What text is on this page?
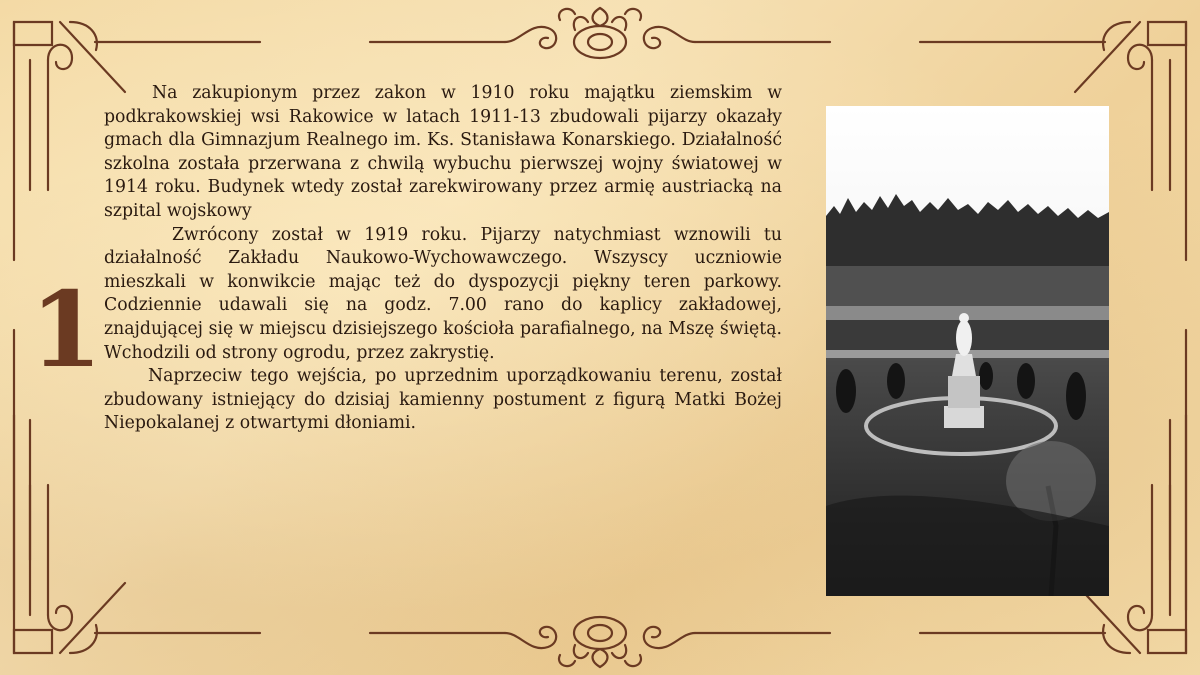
1

Na zakupionym przez zakon w 1910 roku majątku ziemskim w podkrakowskiej wsi Rakowice w latach 1911-13 zbudowali pijarzy okazały gmach dla Gimnazjum Realnego im. Ks. Stanisława Konarskiego. Działalność szkolna została przerwana z chwilą wybuchu pierwszej wojny światowej w 1914 roku. Budynek wtedy został zarekwirowany przez armię austriacką na szpital wojskowy

Zwrócony został w 1919 roku. Pijarzy natychmiast wznowili tu działalność Zakładu Naukowo-Wychowawczego. Wszyscy uczniowie mieszkali w konwikcie mając też do dyspozycji piękny teren parkowy. Codziennie udawali się na godz. 7.00 rano do kaplicy zakładowej, znajdującej się w miejscu dzisiejszego kościoła parafialnego, na Mszę świętą. Wchodzili od strony ogrodu, przez zakrystię.

Naprzeciw tego wejścia, po uprzednim uporządkowaniu terenu, został zbudowany istniejący do dzisiaj kamienny postument z figurą Matki Bożej Niepokalanej z otwartymi dłoniami.
